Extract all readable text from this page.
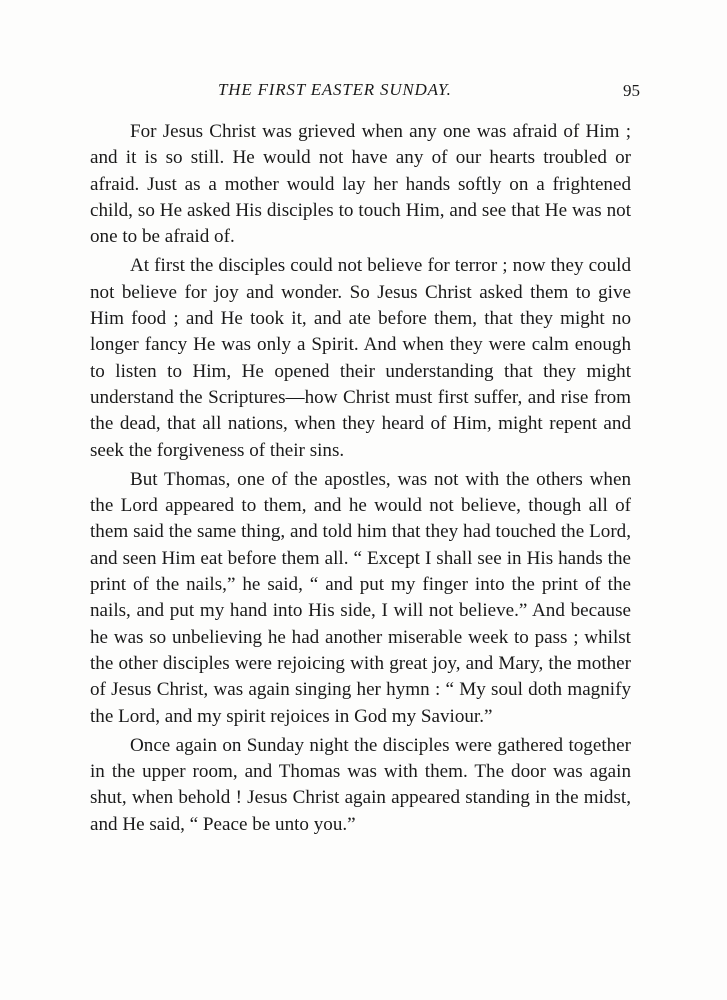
THE FIRST EASTER SUNDAY.	95

For Jesus Christ was grieved when any one was afraid of Him ; and it is so still. He would not have any of our hearts troubled or afraid. Just as a mother would lay her hands softly on a frightened child, so He asked His disciples to touch Him, and see that He was not one to be afraid of.

At first the disciples could not believe for terror ; now they could not believe for joy and wonder. So Jesus Christ asked them to give Him food ; and He took it, and ate before them, that they might no longer fancy He was only a Spirit. And when they were calm enough to listen to Him, He opened their understanding that they might understand the Scriptures—how Christ must first suffer, and rise from the dead, that all nations, when they heard of Him, might repent and seek the forgiveness of their sins.

But Thomas, one of the apostles, was not with the others when the Lord appeared to them, and he would not believe, though all of them said the same thing, and told him that they had touched the Lord, and seen Him eat before them all. “ Except I shall see in His hands the print of the nails,” he said, “ and put my finger into the print of the nails, and put my hand into His side, I will not believe.” And because he was so unbelieving he had another miserable week to pass ; whilst the other disciples were rejoicing with great joy, and Mary, the mother of Jesus Christ, was again singing her hymn : “ My soul doth magnify the Lord, and my spirit rejoices in God my Saviour.”

Once again on Sunday night the disciples were gathered together in the upper room, and Thomas was with them. The door was again shut, when behold ! Jesus Christ again appeared standing in the midst, and He said, “ Peace be unto you.”
